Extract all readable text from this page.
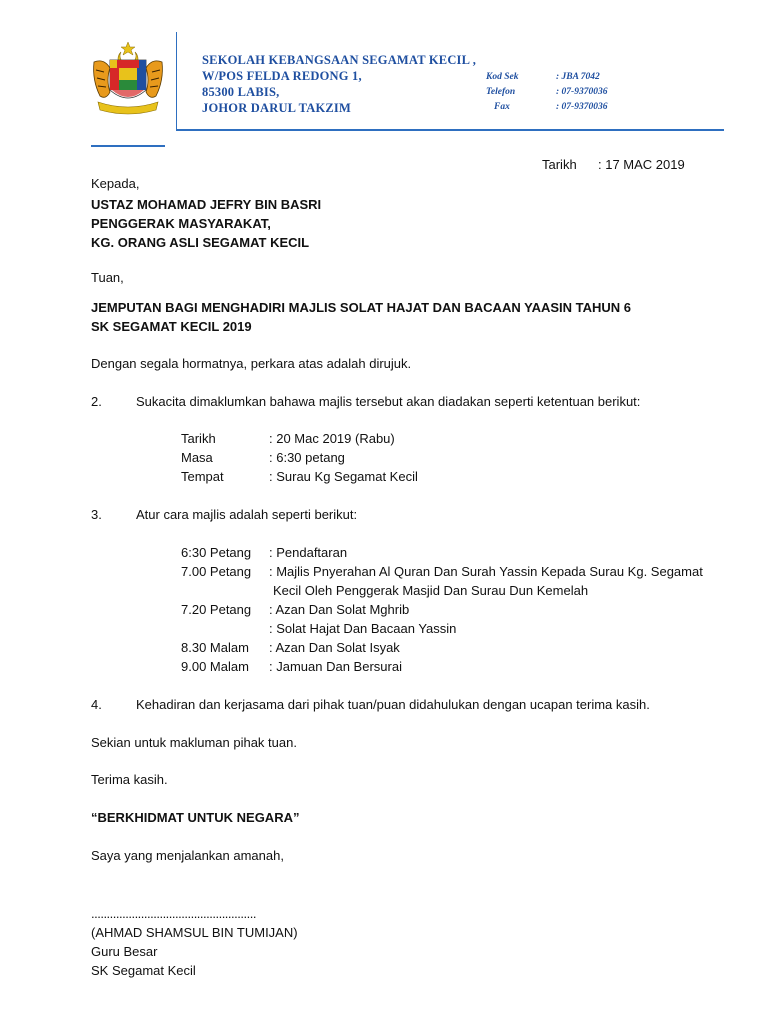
SEKOLAH KEBANGSAAN SEGAMAT KECIL ,
W/POS FELDA REDONG 1,
85300 LABIS,
JOHOR DARUL TAKZIM
Kod Sek	: JBA 7042
Telefon	: 07-9370036
Fax	: 07-9370036
Tarikh : 17 MAC 2019
Kepada,
USTAZ MOHAMAD JEFRY BIN BASRI
PENGGERAK MASYARAKAT,
KG. ORANG ASLI SEGAMAT KECIL
Tuan,
JEMPUTAN BAGI MENGHADIRI MAJLIS SOLAT HAJAT DAN BACAAN YAASIN TAHUN 6
SK SEGAMAT KECIL 2019
Dengan segala hormatnya, perkara atas adalah dirujuk.
2.	Sukacita dimaklumkan bahawa majlis tersebut akan diadakan seperti ketentuan berikut:
Tarikh	: 20 Mac 2019 (Rabu)
Masa	: 6:30 petang
Tempat	: Surau Kg Segamat Kecil
3.	Atur cara majlis adalah seperti berikut:
6:30 Petang : Pendaftaran
7.00 Petang : Majlis Pnyerahan Al Quran Dan Surah Yassin Kepada Surau Kg. Segamat
Kecil Oleh Penggerak Masjid Dan Surau Dun Kemelah
7.20 Petang : Azan Dan Solat Mghrib
: Solat Hajat Dan Bacaan Yassin
8.30 Malam : Azan Dan Solat Isyak
9.00 Malam : Jamuan Dan Bersurai
4.	Kehadiran dan kerjasama dari pihak tuan/puan didahulukan dengan ucapan terima kasih.
Sekian untuk makluman pihak tuan.
Terima kasih.
“BERKHIDMAT UNTUK NEGARA”
Saya yang menjalankan amanah,
.....................................................
(AHMAD SHAMSUL BIN TUMIJAN)
Guru Besar
SK Segamat Kecil
